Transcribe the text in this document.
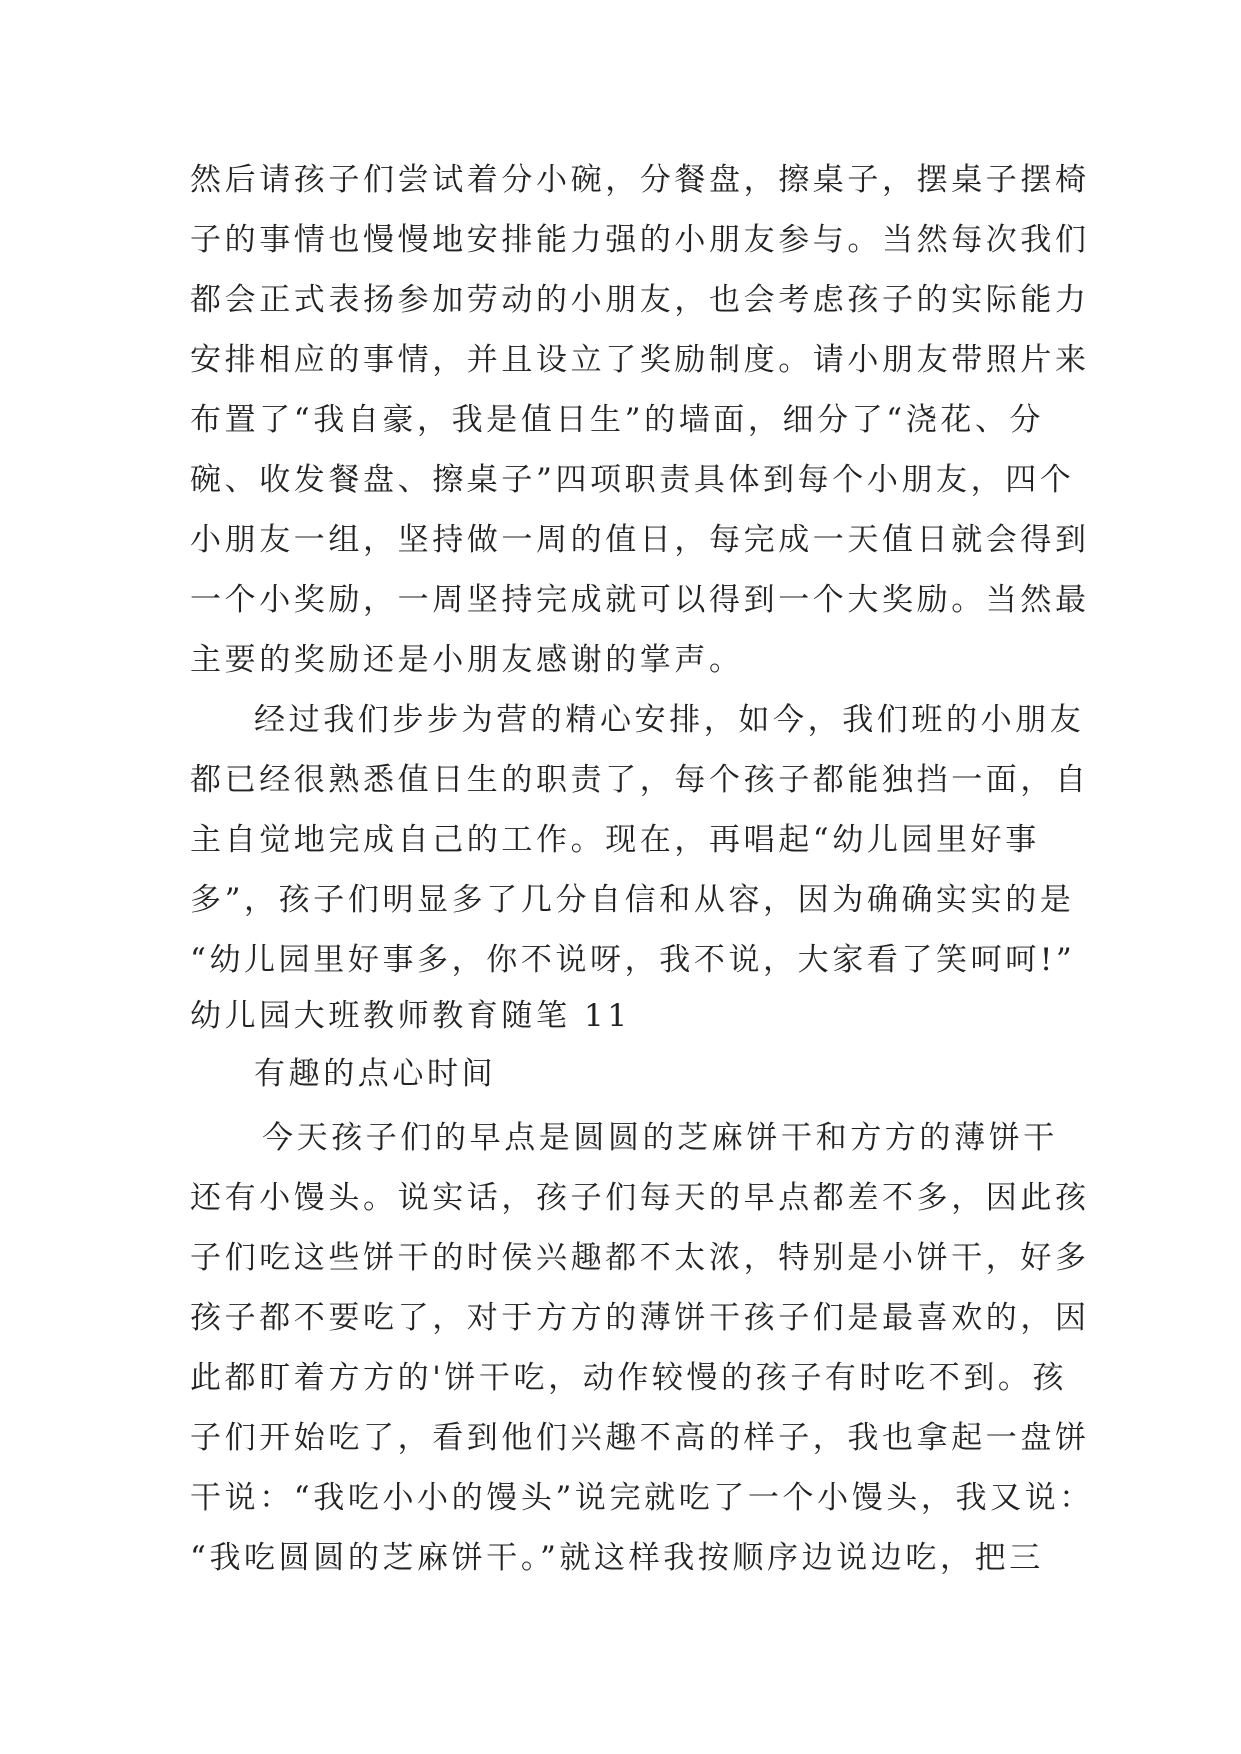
然后请孩子们尝试着分小碗，分餐盘，擦桌子，摆桌子摆椅
子的事情也慢慢地安排能力强的小朋友参与。当然每次我们
都会正式表扬参加劳动的小朋友，也会考虑孩子的实际能力
安排相应的事情，并且设立了奖励制度。请小朋友带照片来
布置了“我自豪，我是值日生”的墙面，细分了“浇花、分
碗、收发餐盘、擦桌子”四项职责具体到每个小朋友，四个
小朋友一组，坚持做一周的值日，每完成一天值日就会得到
一个小奖励，一周坚持完成就可以得到一个大奖励。当然最
主要的奖励还是小朋友感谢的掌声。
经过我们步步为营的精心安排，如今，我们班的小朋友
都已经很熟悉值日生的职责了，每个孩子都能独挡一面，自
主自觉地完成自己的工作。现在，再唱起“幼儿园里好事
多”，孩子们明显多了几分自信和从容，因为确确实实的是
“幼儿园里好事多，你不说呀，我不说，大家看了笑呵呵!”
幼儿园大班教师教育随笔 11
有趣的点心时间
今天孩子们的早点是圆圆的芝麻饼干和方方的薄饼干
还有小馒头。说实话，孩子们每天的早点都差不多，因此孩
子们吃这些饼干的时侯兴趣都不太浓，特别是小饼干，好多
孩子都不要吃了，对于方方的薄饼干孩子们是最喜欢的，因
此都盯着方方的'饼干吃，动作较慢的孩子有时吃不到。孩
子们开始吃了，看到他们兴趣不高的样子，我也拿起一盘饼
干说：“我吃小小的馒头”说完就吃了一个小馒头，我又说：
“我吃圆圆的芝麻饼干。”就这样我按顺序边说边吃，把三
